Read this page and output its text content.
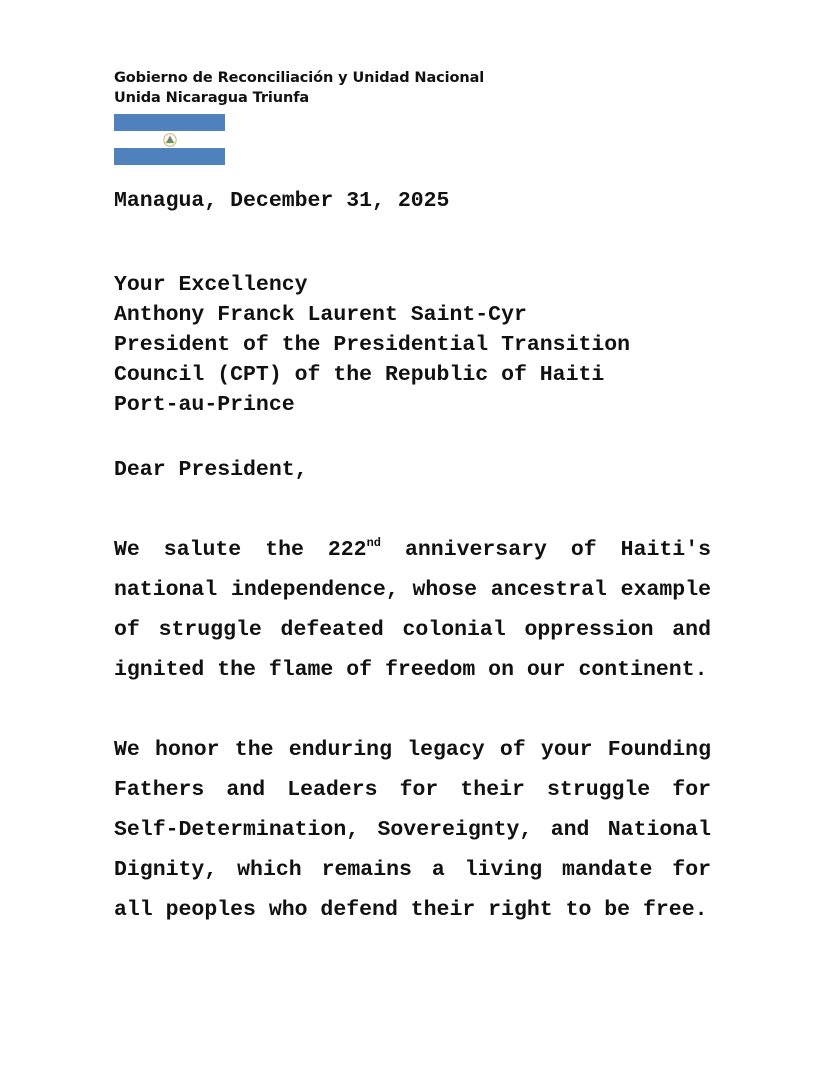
Gobierno de Reconciliación y Unidad Nacional
Unida Nicaragua Triunfa
Managua, December 31, 2025
Your Excellency
Anthony Franck Laurent Saint-Cyr
President of the Presidential Transition
Council (CPT) of the Republic of Haiti
Port-au-Prince
Dear President,
We salute the 222nd anniversary of Haiti's
national independence, whose ancestral example
of struggle defeated colonial oppression and
ignited the flame of freedom on our continent.
We honor the enduring legacy of your Founding
Fathers and Leaders for their struggle for
Self-Determination, Sovereignty, and National
Dignity, which remains a living mandate for
all peoples who defend their right to be free.
